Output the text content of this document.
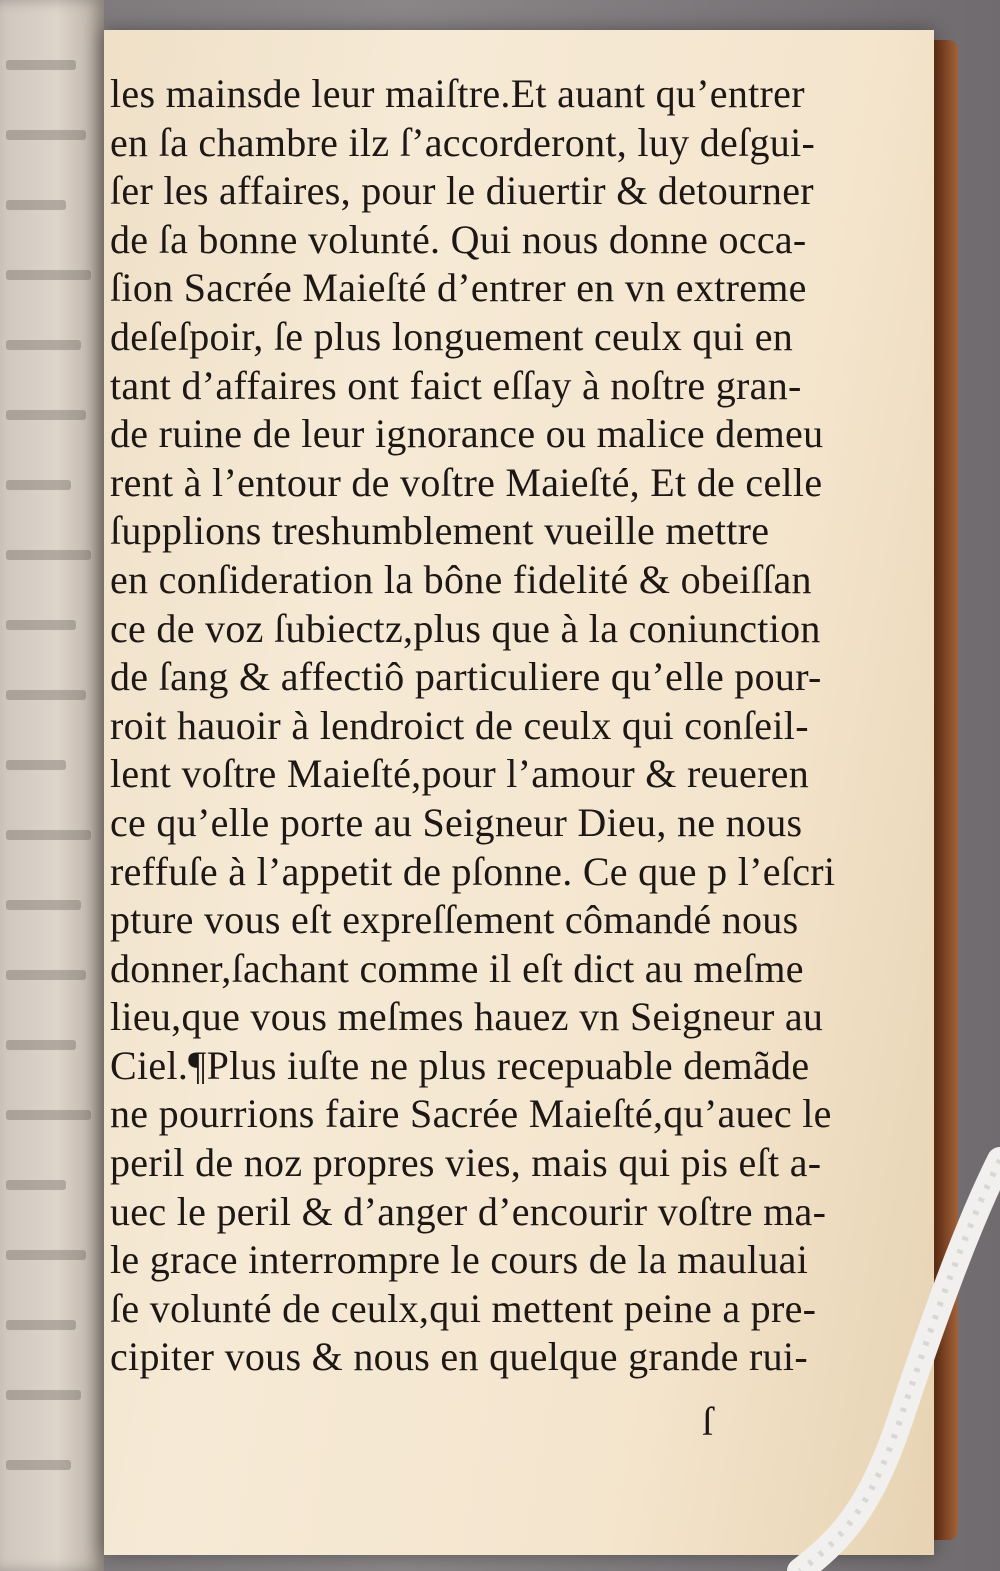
les mainsde leur maiſtre.Et auant qu’entrer
en ſa chambre ilz ſ’accorderont, luy deſgui-
ſer les affaires, pour le diuertir & detourner
de ſa bonne volunté. Qui nous donne occa-
ſion Sacrée Maieſté d’entrer en vn extreme
deſeſpoir, ſe plus longuement ceulx qui en
tant d’affaires ont faict eſſay à noſtre gran-
de ruine de leur ignorance ou malice demeu
rent à l’entour de voſtre Maieſté, Et de celle
ſupplions treshumblement vueille mettre
en conſideration la bône fidelité & obeiſſan
ce de voz ſubiectz,plus que à la coniunction
de ſang & affectiô particuliere qu’elle pour-
roit hauoir à lendroict de ceulx qui conſeil-
lent voſtre Maieſté,pour l’amour & reueren
ce qu’elle porte au Seigneur Dieu, ne nous
reffuſe à l’appetit de pſonne. Ce que p l’eſcri
pture vous eſt expreſſement cômandé nous
donner,ſachant comme il eſt dict au meſme
lieu,que vous meſmes hauez vn Seigneur au
Ciel.¶Plus iuſte ne plus recepuable demãde
ne pourrions faire Sacrée Maieſté,qu’auec le
peril de noz propres vies, mais qui pis eſt a-
uec le peril & d’anger d’encourir voſtre ma-
le grace interrompre le cours de la mauluai
ſe volunté de ceulx,qui mettent peine a pre-
cipiter vous & nous en quelque grande rui-
ſ
